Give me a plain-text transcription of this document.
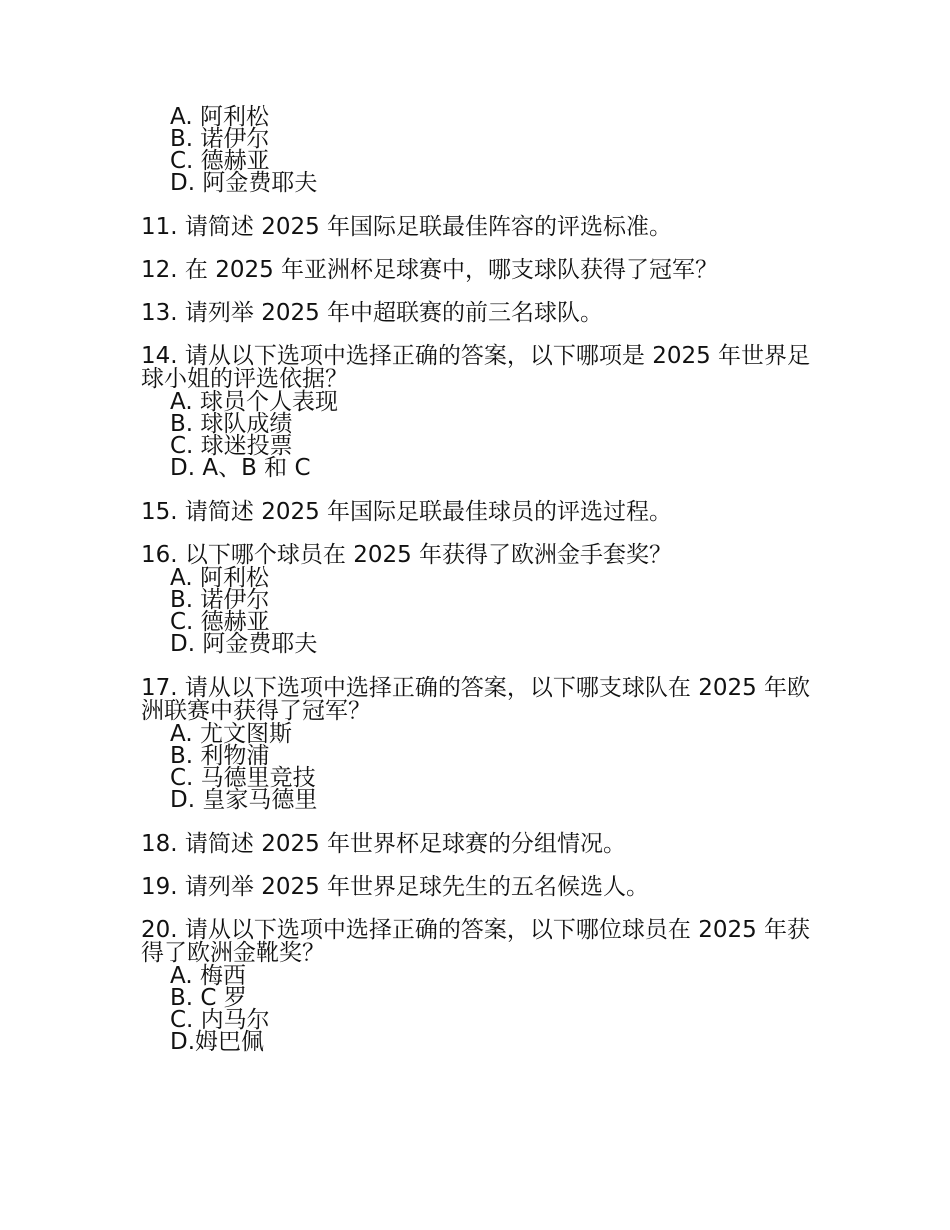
A. 阿利松
B. 诺伊尔
C. 德赫亚
D. 阿金费耶夫

11. 请简述 2025 年国际足联最佳阵容的评选标准。

12. 在 2025 年亚洲杯足球赛中，哪支球队获得了冠军？

13. 请列举 2025 年中超联赛的前三名球队。

14. 请从以下选项中选择正确的答案，以下哪项是 2025 年世界足球小姐的评选依据？

A. 球员个人表现
B. 球队成绩
C. 球迷投票
D. A、B 和 C

15. 请简述 2025 年国际足联最佳球员的评选过程。

16. 以下哪个球员在 2025 年获得了欧洲金手套奖？

A. 阿利松
B. 诺伊尔
C. 德赫亚
D. 阿金费耶夫

17. 请从以下选项中选择正确的答案，以下哪支球队在 2025 年欧洲联赛中获得了冠军？

A. 尤文图斯
B. 利物浦
C. 马德里竞技
D. 皇家马德里

18. 请简述 2025 年世界杯足球赛的分组情况。

19. 请列举 2025 年世界足球先生的五名候选人。

20. 请从以下选项中选择正确的答案，以下哪位球员在 2025 年获得了欧洲金靴奖？

A. 梅西
B. C 罗
C. 内马尔
D.姆巴佩
